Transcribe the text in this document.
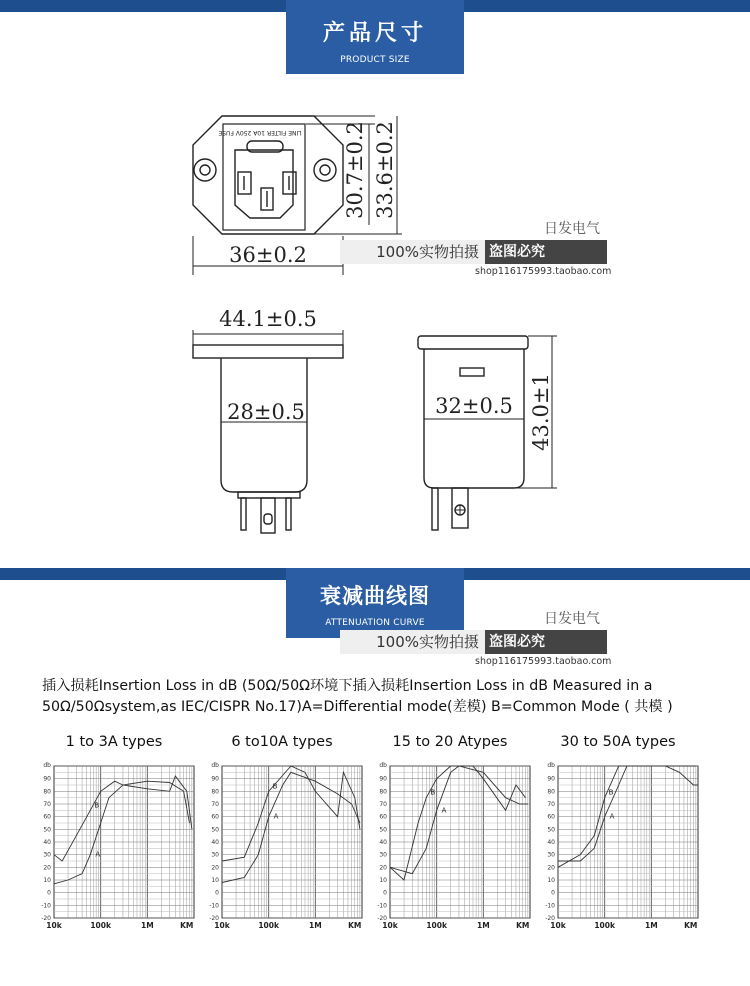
产品尺寸
PRODUCT SIZE
LINE FILTER 10A 250V FUSE
36±0.2
30.7±0.2 33.6±0.2
44.1±0.5
28±0.5	32±0.5 43.0±1
日发电气
100%实物拍摄 盗图必究
shop116175993.taobao.com
衰减曲线图
ATTENUATION CURVE	日发电气
100%实物拍摄 盗图必究
shop116175993.taobao.com
插入损耗Insertion Loss in dB (50Ω/50Ω环境下插入损耗Insertion Loss in dB Measured in a 50Ω/50Ωsystem,as IEC/CISPR No.17)A=Differential mode(差模) B=Common Mode ( 共模 )
1 to 3A types
db
90
80
70
60
50
40
30
20
10
0
-10
-20
10k	100k	1M	KM
B
A
6 to10A types
db
90
80
70
60
50
40
30
20
10
0
-10
-20
10k	100k	1M	KM
B
A
15 to 20 Atypes
db
90
80
70
60
50
40
30
20
10
0
-10
-20
10k	100k	1M	KM
B
A
30 to 50A types
db
90
80
70
60
50
40
30
20
10
0
-10
-20
10k	100k	1M	KM
B
A
